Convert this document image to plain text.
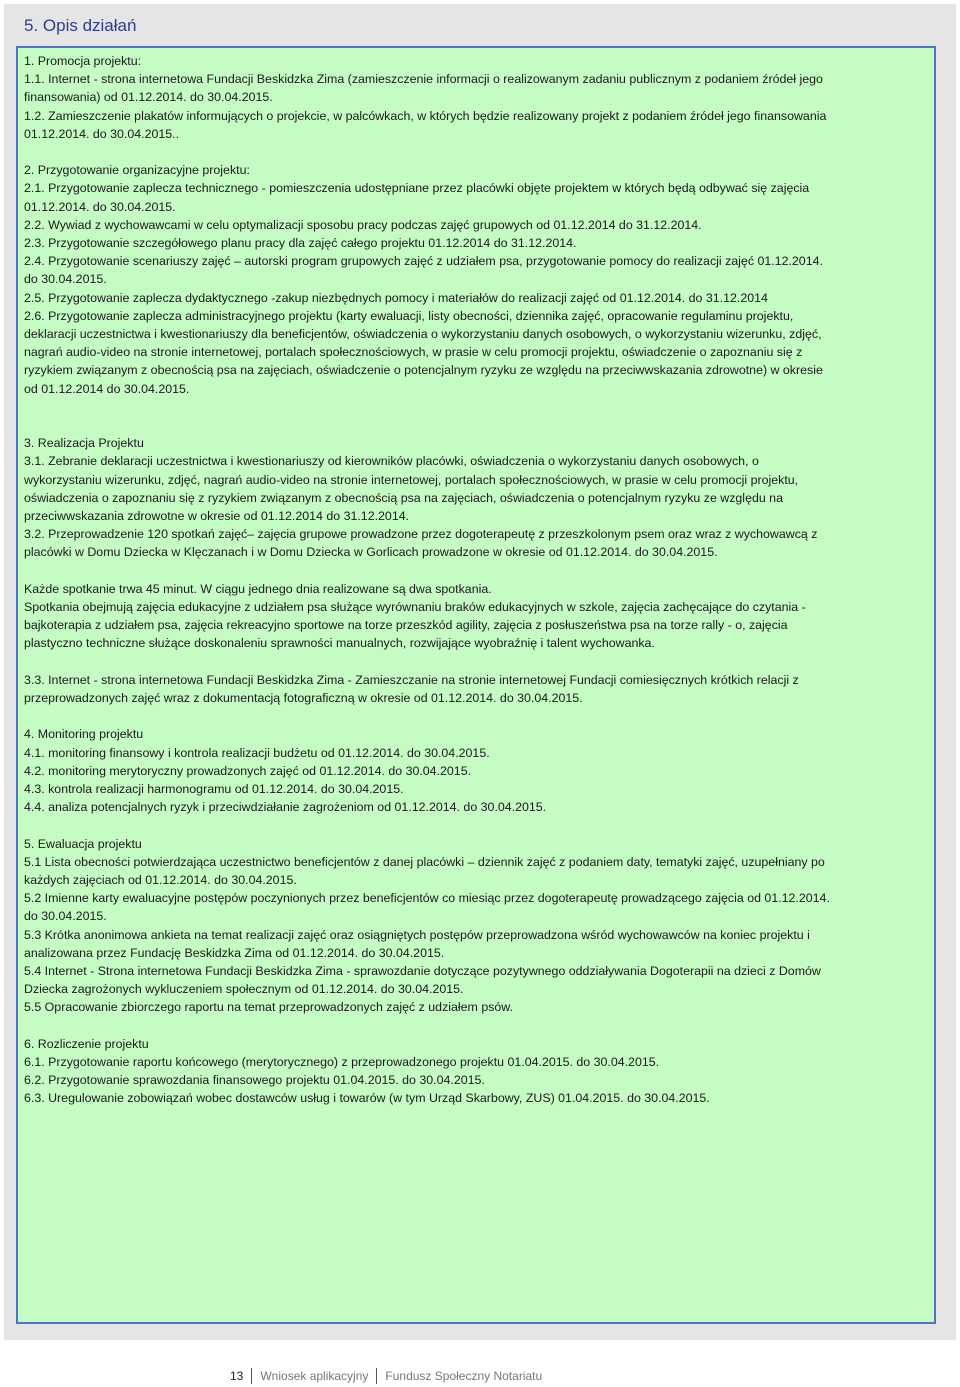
5. Opis działań
1. Promocja projektu:
1.1. Internet - strona internetowa Fundacji Beskidzka Zima (zamieszczenie informacji o realizowanym zadaniu publicznym z podaniem źródeł jego
finansowania) od 01.12.2014. do 30.04.2015.
1.2. Zamieszczenie plakatów informujących o projekcie, w palcówkach, w których będzie realizowany projekt z podaniem źródeł jego finansowania
01.12.2014. do 30.04.2015..
2. Przygotowanie organizacyjne projektu:
2.1. Przygotowanie zaplecza technicznego - pomieszczenia udostępniane przez placówki objęte projektem w których będą odbywać się zajęcia
01.12.2014. do 30.04.2015.
2.2. Wywiad z wychowawcami w celu optymalizacji sposobu pracy podczas zajęć grupowych od 01.12.2014 do 31.12.2014.
2.3. Przygotowanie szczegółowego planu pracy dla zajęć całego projektu 01.12.2014 do 31.12.2014.
2.4. Przygotowanie scenariuszy zajęć – autorski program grupowych zajęć z udziałem psa, przygotowanie pomocy do realizacji zajęć 01.12.2014.
do 30.04.2015.
2.5. Przygotowanie zaplecza dydaktycznego -zakup niezbędnych pomocy i materiałów do realizacji zajęć od 01.12.2014. do 31.12.2014
2.6. Przygotowanie zaplecza administracyjnego projektu (karty ewaluacji, listy obecności, dziennika zajęć, opracowanie regulaminu projektu,
deklaracji uczestnictwa i kwestionariuszy dla beneficjentów, oświadczenia o wykorzystaniu danych osobowych, o wykorzystaniu wizerunku, zdjęć,
nagrań audio-video na stronie internetowej, portalach społecznościowych, w prasie w celu promocji projektu, oświadczenie o zapoznaniu się z
ryzykiem związanym z obecnością psa na zajęciach, oświadczenie o potencjalnym ryzyku ze względu na przeciwwskazania zdrowotne) w okresie
od 01.12.2014 do 30.04.2015.
3. Realizacja Projektu
3.1. Zebranie deklaracji uczestnictwa i kwestionariuszy od kierowników placówki, oświadczenia o wykorzystaniu danych osobowych, o
wykorzystaniu wizerunku, zdjęć, nagrań audio-video na stronie internetowej, portalach społecznościowych, w prasie w celu promocji projektu,
oświadczenia o zapoznaniu się z ryzykiem związanym z obecnością psa na zajęciach, oświadczenia o potencjalnym ryzyku ze względu na
przeciwwskazania zdrowotne w okresie od 01.12.2014 do 31.12.2014.
3.2. Przeprowadzenie 120 spotkań zajęć– zajęcia grupowe prowadzone przez dogoterapeutę z przeszkolonym psem oraz wraz z wychowawcą z
placówki w Domu Dziecka w Klęczanach i w Domu Dziecka w Gorlicach prowadzone w okresie od 01.12.2014. do 30.04.2015.
Każde spotkanie trwa 45 minut. W ciągu jednego dnia realizowane są dwa spotkania.
Spotkania obejmują zajęcia edukacyjne z udziałem psa służące wyrównaniu braków edukacyjnych w szkole, zajęcia zachęcające do czytania -
bajkoterapia z udziałem psa, zajęcia rekreacyjno sportowe na torze przeszkód agility, zajęcia z posłuszeństwa psa na torze rally - o, zajęcia
plastyczno techniczne służące doskonaleniu sprawności manualnych, rozwijające wyobraźnię i talent wychowanka.
3.3. Internet - strona internetowa Fundacji Beskidzka Zima - Zamieszczanie na stronie internetowej Fundacji comiesięcznych krótkich relacji z
przeprowadzonych zajęć wraz z dokumentacją fotograficzną w okresie od 01.12.2014. do 30.04.2015.
4. Monitoring projektu
4.1. monitoring finansowy i kontrola realizacji budżetu od 01.12.2014. do 30.04.2015.
4.2. monitoring merytoryczny prowadzonych zajęć od 01.12.2014. do 30.04.2015.
4.3. kontrola realizacji harmonogramu od 01.12.2014. do 30.04.2015.
4.4. analiza potencjalnych ryzyk i przeciwdziałanie zagrożeniom od 01.12.2014. do 30.04.2015.
5. Ewaluacja projektu
5.1 Lista obecności potwierdzająca uczestnictwo beneficjentów z danej placówki – dziennik zajęć z podaniem daty, tematyki zajęć, uzupełniany po
każdych zajęciach od 01.12.2014. do 30.04.2015.
5.2 Imienne karty ewaluacyjne postępów poczynionych przez beneficjentów co miesiąc przez dogoterapeutę prowadzącego zajęcia od 01.12.2014.
do 30.04.2015.
5.3 Krótka anonimowa ankieta na temat realizacji zajęć oraz osiągniętych postępów przeprowadzona wśród wychowawców na koniec projektu i
analizowana przez Fundację Beskidzka Zima od 01.12.2014. do 30.04.2015.
5.4 Internet - Strona internetowa Fundacji Beskidzka Zima - sprawozdanie dotyczące pozytywnego oddziaływania Dogoterapii na dzieci z Domów
Dziecka zagrożonych wykluczeniem społecznym od 01.12.2014. do 30.04.2015.
5.5 Opracowanie zbiorczego raportu na temat przeprowadzonych zajęć z udziałem psów.
6. Rozliczenie projektu
6.1. Przygotowanie raportu końcowego (merytorycznego) z przeprowadzonego projektu 01.04.2015. do 30.04.2015.
6.2. Przygotowanie sprawozdania finansowego projektu 01.04.2015. do 30.04.2015.
6.3. Uregulowanie zobowiązań wobec dostawców usług i towarów (w tym Urząd Skarbowy, ZUS) 01.04.2015. do 30.04.2015.
13 Wniosek aplikacyjny Fundusz Społeczny Notariatu
